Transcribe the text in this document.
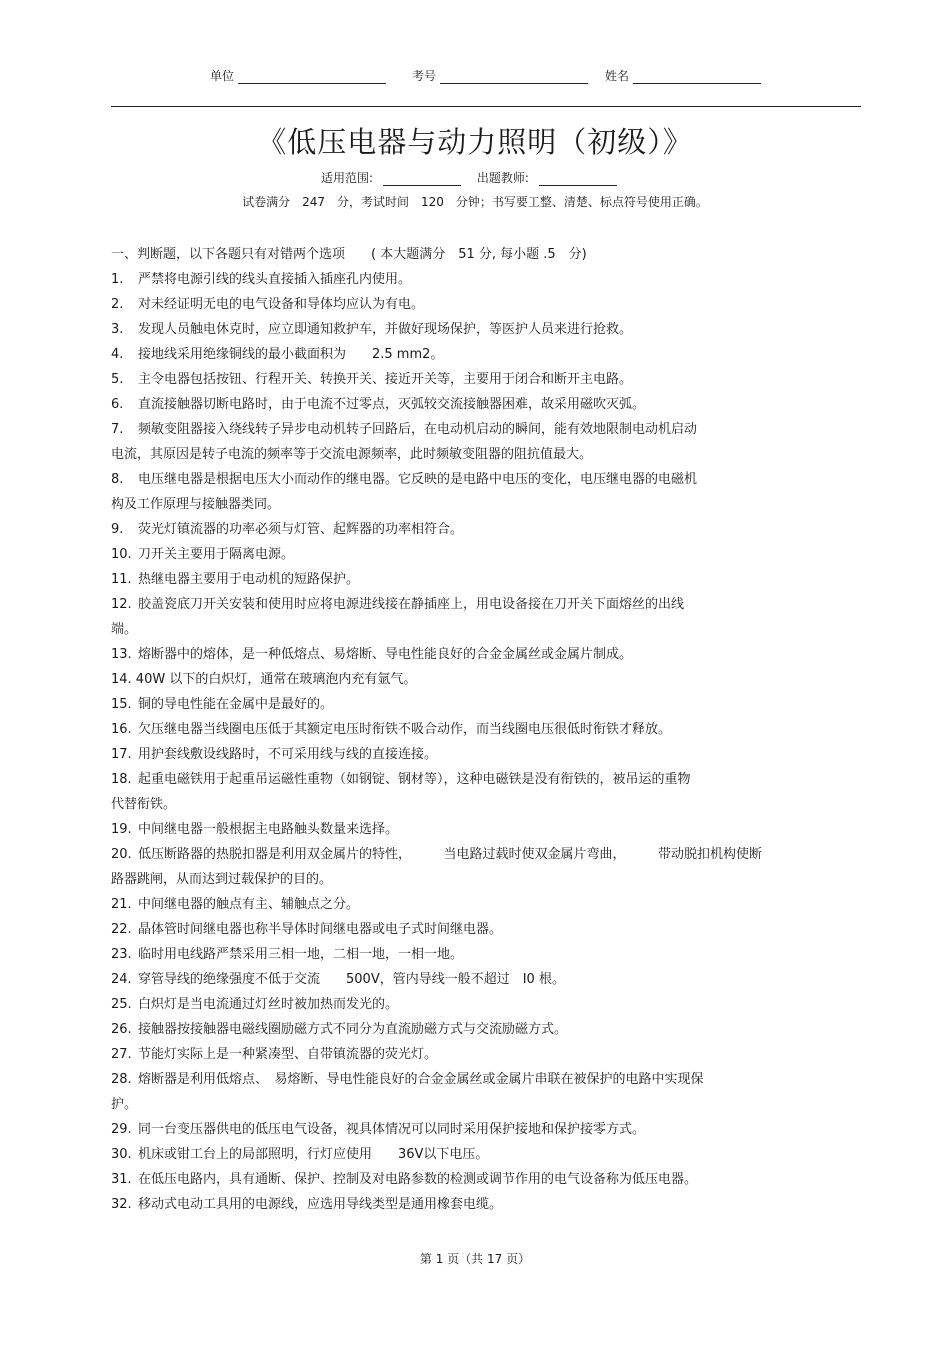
单位	考号	姓名
《低压电器与动力照明（初级）》
适用范围:	出题教师:
试卷满分　247　分，考试时间　120　分钟；书写要工整、清楚、标点符号使用正确。
一、判断题，以下各题只有对错两个选项　　( 本大题满分　51 分, 每小题 .5　分)
1. 严禁将电源引线的线头直接插入插座孔内使用。
2. 对未经证明无电的电气设备和导体均应认为有电。
3. 发现人员触电休克时，应立即通知救护车，并做好现场保护，等医护人员来进行抢救。
4. 接地线采用绝缘铜线的最小截面积为　　2.5 mm2。
5. 主令电器包括按钮、行程开关、转换开关、接近开关等，主要用于闭合和断开主电路。
6. 直流接触器切断电路时，由于电流不过零点，灭弧较交流接触器困难，故采用磁吹灭弧。
7. 频敏变阻器接入绕线转子异步电动机转子回路后，在电动机启动的瞬间，能有效地限制电动机启动
电流，其原因是转子电流的频率等于交流电源频率，此时频敏变阻器的阻抗值最大。
8. 电压继电器是根据电压大小而动作的继电器。它反映的是电路中电压的变化，电压继电器的电磁机
构及工作原理与接触器类同。
9. 荧光灯镇流器的功率必须与灯管、起辉器的功率相符合。
10. 刀开关主要用于隔离电源。
11. 热继电器主要用于电动机的短路保护。
12. 胶盖瓷底刀开关安装和使用时应将电源进线接在静插座上，用电设备接在刀开关下面熔丝的出线
端。
13. 熔断器中的熔体，是一种低熔点、易熔断、导电性能良好的合金金属丝或金属片制成。
14. 40W 以下的白炽灯，通常在玻璃泡内充有氩气。
15. 铜的导电性能在金属中是最好的。
16. 欠压继电器当线圈电压低于其额定电压时衔铁不吸合动作，而当线圈电压很低时衔铁才释放。
17. 用护套线敷设线路时，不可采用线与线的直接连接。
18. 起重电磁铁用于起重吊运磁性重物（如钢锭、钢材等），这种电磁铁是没有衔铁的，被吊运的重物
代替衔铁。
19. 中间继电器一般根据主电路触头数量来选择。
20. 低压断路器的热脱扣器是利用双金属片的特性，　　　当电路过载时使双金属片弯曲，　　　带动脱扣机构使断
路器跳闸，从而达到过载保护的目的。
21. 中间继电器的触点有主、辅触点之分。
22. 晶体管时间继电器也称半导体时间继电器或电子式时间继电器。
23. 临时用电线路严禁采用三相一地，二相一地，一相一地。
24. 穿管导线的绝缘强度不低于交流　　500V，管内导线一般不超过　I0 根。
25. 白炽灯是当电流通过灯丝时被加热而发光的。
26. 接触器按接触器电磁线圈励磁方式不同分为直流励磁方式与交流励磁方式。
27. 节能灯实际上是一种紧凑型、自带镇流器的荧光灯。
28. 熔断器是利用低熔点、　易熔断、导电性能良好的合金金属丝或金属片串联在被保护的电路中实现保
护。
29. 同一台变压器供电的低压电气设备，视具体情况可以同时采用保护接地和保护接零方式。
30. 机床或钳工台上的局部照明，行灯应使用　　36V以下电压。
31. 在低压电路内，具有通断、保护、控制及对电路参数的检测或调节作用的电气设备称为低压电器。
32. 移动式电动工具用的电源线，应选用导线类型是通用橡套电缆。
第 1 页（共 17 页）
